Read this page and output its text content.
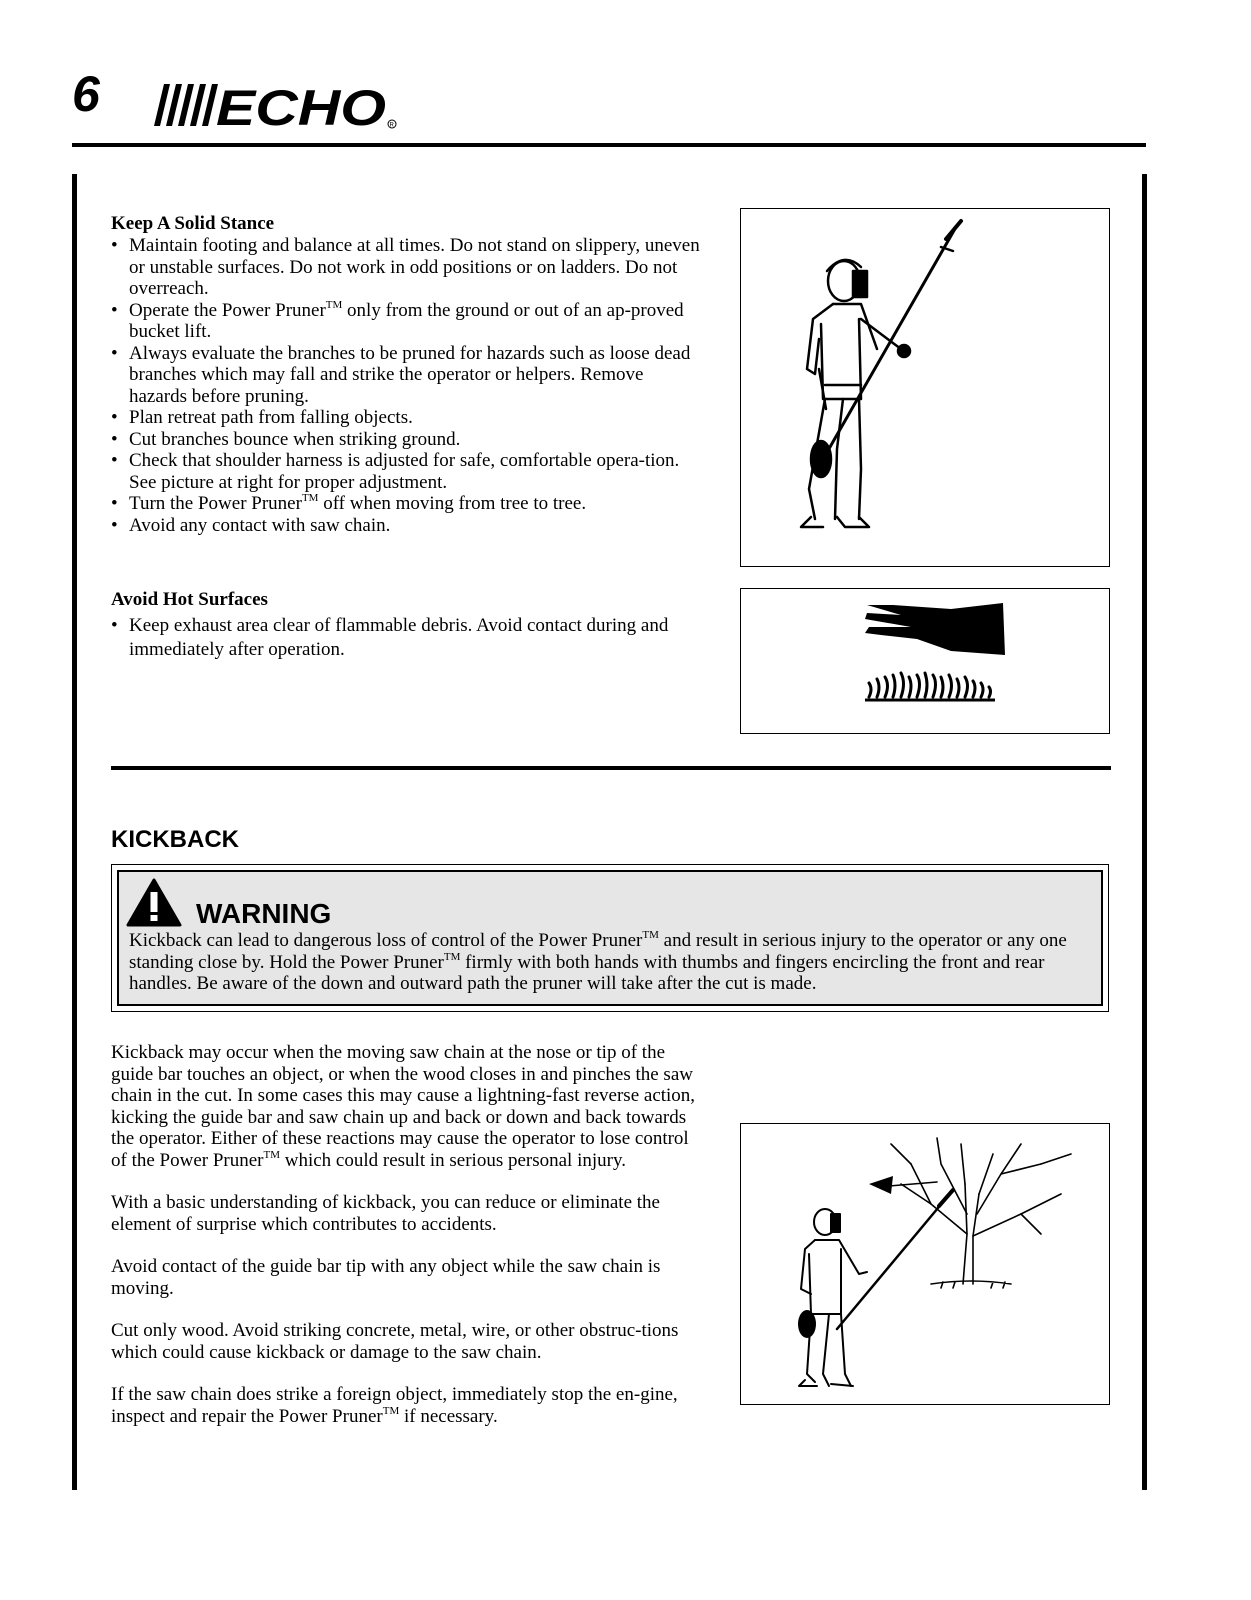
6 ECHO R
Keep A Solid Stance
• Maintain footing and balance at all times. Do not stand on slippery, uneven or unstable surfaces. Do not work in odd positions or on ladders. Do not overreach.
• Operate the Power Pruner™ only from the ground or out of an ap-proved bucket lift.
• Always evaluate the branches to be pruned for hazards such as loose dead branches which may fall and strike the operator or helpers. Remove hazards before pruning.
• Plan retreat path from falling objects.
• Cut branches bounce when striking ground.
• Check that shoulder harness is adjusted for safe, comfortable opera-tion. See picture at right for proper adjustment.
• Turn the Power Pruner™ off when moving from tree to tree.
• Avoid any contact with saw chain.
Avoid Hot Surfaces
• Keep exhaust area clear of flammable debris. Avoid contact during and immediately after operation.
KICKBACK
WARNING
Kickback can lead to dangerous loss of control of the Power Pruner™ and result in serious injury to the operator or any one standing close by. Hold the Power Pruner™ firmly with both hands with thumbs and fingers encircling the front and rear handles. Be aware of the down and outward path the pruner will take after the cut is made.

Kickback may occur when the moving saw chain at the nose or tip of the guide bar touches an object, or when the wood closes in and pinches the saw chain in the cut. In some cases this may cause a lightning-fast reverse action, kicking the guide bar and saw chain up and back or down and back towards the operator. Either of these reactions may cause the operator to lose control of the Power Pruner™ which could result in serious personal injury.

With a basic understanding of kickback, you can reduce or eliminate the element of surprise which contributes to accidents.

Avoid contact of the guide bar tip with any object while the saw chain is moving.

Cut only wood. Avoid striking concrete, metal, wire, or other obstruc-tions which could cause kickback or damage to the saw chain.

If the saw chain does strike a foreign object, immediately stop the en-gine, inspect and repair the Power Pruner™ if necessary.
